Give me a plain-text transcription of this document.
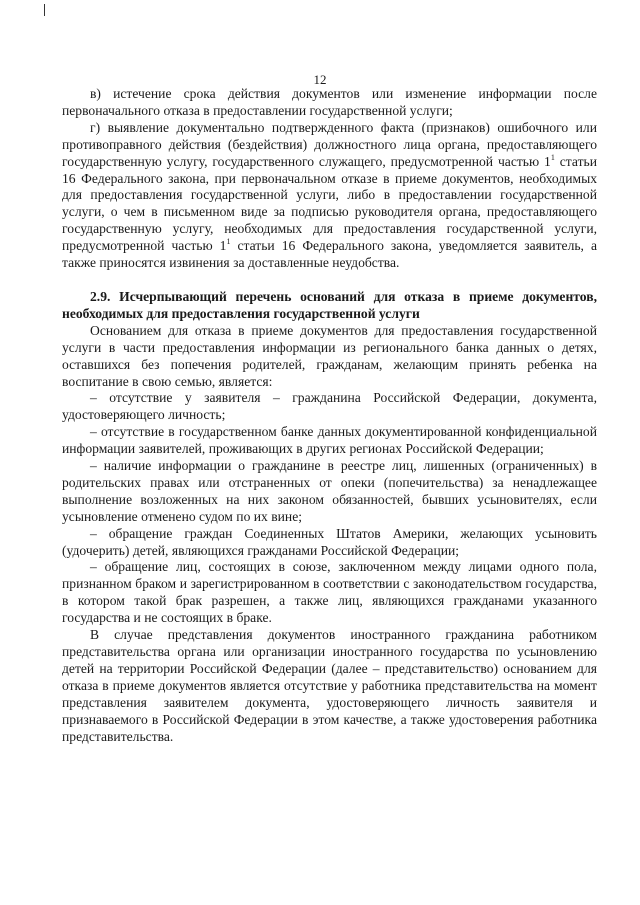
12

в) истечение срока действия документов или изменение информации после первоначального отказа в предоставлении государственной услуги;

г) выявление документально подтвержденного факта (признаков) ошибочного или противоправного действия (бездействия) должностного лица органа, предоставляющего государственную услугу, государственного служащего, предусмотренной частью $1^1$ статьи 16 Федерального закона, при первоначальном отказе в приеме документов, необходимых для предоставления государственной услуги, либо в предоставлении государственной услуги, о чем в письменном виде за подписью руководителя органа, предоставляющего государственную услугу, необходимых для предоставления государственной услуги, предусмотренной частью $1^1$ статьи 16 Федерального закона, уведомляется заявитель, а также приносятся извинения за доставленные неудобства.

2.9. Исчерпывающий перечень оснований для отказа в приеме документов, необходимых для предоставления государственной услуги

Основанием для отказа в приеме документов для предоставления государственной услуги в части предоставления информации из регионального банка данных о детях, оставшихся без попечения родителей, гражданам, желающим принять ребенка на воспитание в свою семью, является:

– отсутствие у заявителя – гражданина Российской Федерации, документа, удостоверяющего личность;

– отсутствие в государственном банке данных документированной конфиденциальной информации заявителей, проживающих в других регионах Российской Федерации;

– наличие информации о гражданине в реестре лиц, лишенных (ограниченных) в родительских правах или отстраненных от опеки (попечительства) за ненадлежащее выполнение возложенных на них законом обязанностей, бывших усыновителях, если усыновление отменено судом по их вине;

– обращение граждан Соединенных Штатов Америки, желающих усыновить (удочерить) детей, являющихся гражданами Российской Федерации;

– обращение лиц, состоящих в союзе, заключенном между лицами одного пола, признанном браком и зарегистрированном в соответствии с законодательством государства, в котором такой брак разрешен, а также лиц, являющихся гражданами указанного государства и не состоящих в браке.

В случае представления документов иностранного гражданина работником представительства органа или организации иностранного государства по усыновлению детей на территории Российской Федерации (далее – представительство) основанием для отказа в приеме документов является отсутствие у работника представительства на момент представления заявителем документа, удостоверяющего личность заявителя и признаваемого в Российской Федерации в этом качестве, а также удостоверения работника представительства.
